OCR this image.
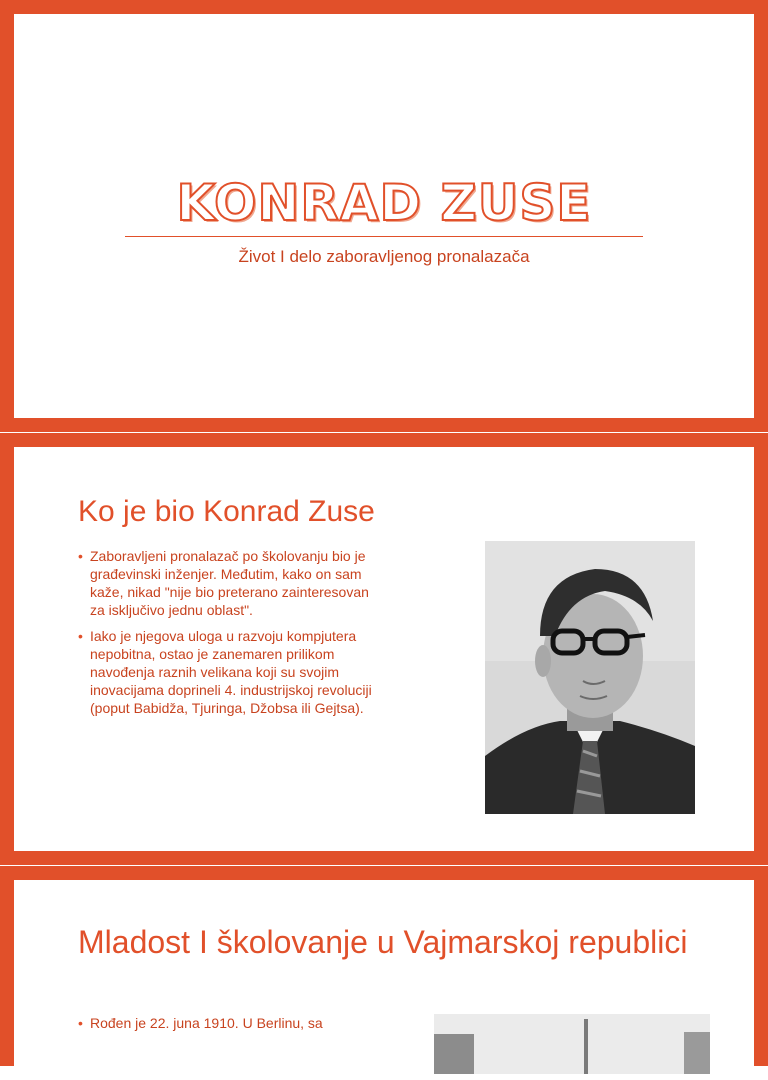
KONRAD ZUSE
Život I delo zaboravljenog pronalazača
Ko je bio Konrad Zuse
• Zaboravljeni pronalazač po školovanju bio je građevinski inženjer. Međutim, kako on sam kaže, nikad "nije bio preterano zainteresovan za isključivo jednu oblast".
• Iako je njegova uloga u razvoju kompjutera nepobitna, ostao je zanemaren prilikom navođenja raznih velikana koji su svojim inovacijama doprineli 4. industrijskoj revoluciji (poput Babidža, Tjuringa, Džobsa ili Gejtsa).
Mladost I školovanje u Vajmarskoj republici
• Rođen je 22. juna 1910. U Berlinu, sa
